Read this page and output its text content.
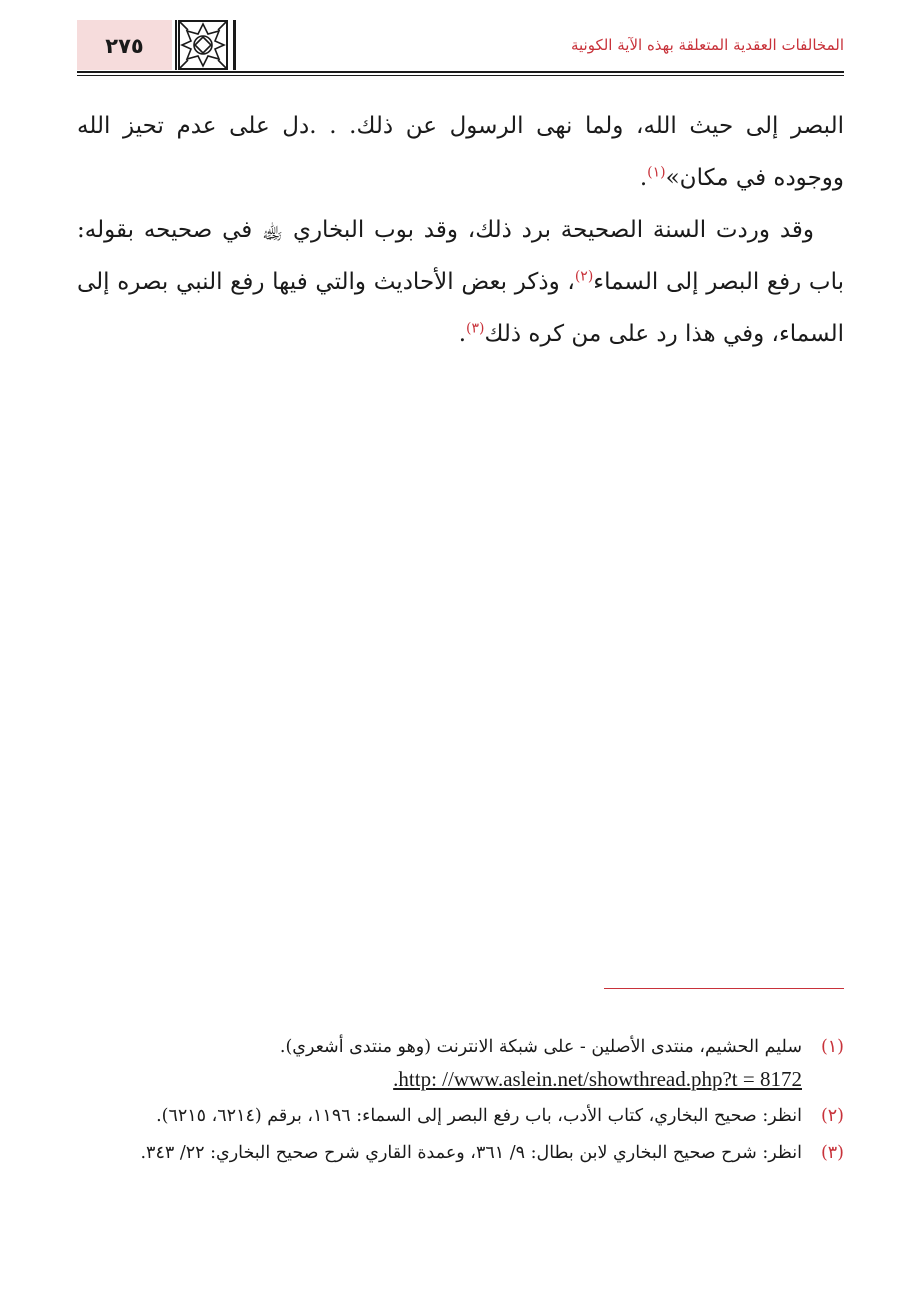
٢٧٥	المخالفات العقدية المتعلقة بهذه الآية الكونية

البصر إلى حيث الله، ولما نهى الرسول عن ذلك. . .دل على عدم تحيز الله ووجوده في مكان»$^{(١)}$.

وقد وردت السنة الصحيحة برد ذلك، وقد بوب البخاري ﵀ في صحيحه بقوله: باب رفع البصر إلى السماء$^{(٢)}$، وذكر بعض الأحاديث والتي فيها رفع النبي بصره إلى السماء، وفي هذا رد على من كره ذلك$^{(٣)}$.

(١)
سليم الحشيم، منتدى الأصلين - على شبكة الانترنت (وهو منتدى أشعري).
.http: //www.aslein.net/showthread.php?t = 8172
(٢)
انظر: صحيح البخاري، كتاب الأدب، باب رفع البصر إلى السماء: ١١٩٦، برقم (٦٢١٤، ٦٢١٥).
(٣)
انظر: شرح صحيح البخاري لابن بطال: ٩/ ٣٦١، وعمدة القاري شرح صحيح البخاري: ٢٢/ ٣٤٣.
